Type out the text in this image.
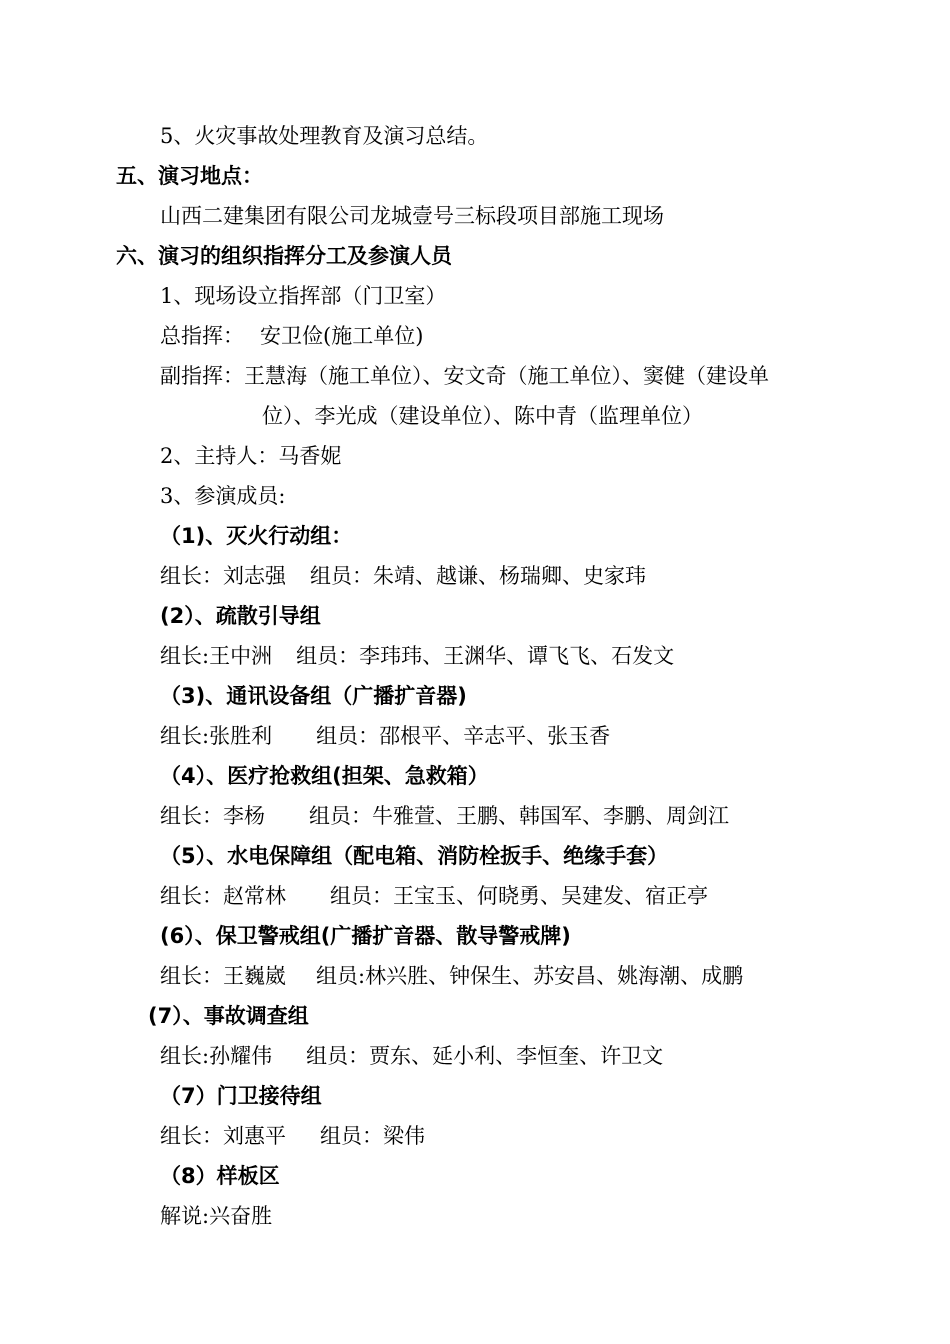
5、火灾事故处理教育及演习总结。
五、演习地点：
山西二建集团有限公司龙城壹号三标段项目部施工现场
六、演习的组织指挥分工及参演人员
1、现场设立指挥部（门卫室）
总指挥： 安卫俭(施工单位)
副指挥：王慧海（施工单位）、安文奇（施工单位）、窦健（建设单
位）、李光成（建设单位）、陈中青（监理单位）
2、主持人：马香妮
3、参演成员:
（1)、灭火行动组：
组长：刘志强 组员：朱靖、越谦、杨瑞卿、史家玮
(2）、疏散引导组
组长:王中洲 组员：李玮玮、王渊华、谭飞飞、石发文
（3)、通讯设备组（广播扩音器)
组长:张胜利 组员：邵根平、辛志平、张玉香
（4）、医疗抢救组(担架、急救箱）
组长：李杨 组员：牛雅萱、王鹏、韩国军、李鹏、周剑江
（5）、水电保障组（配电箱、消防栓扳手、绝缘手套）
组长：赵常林 组员：王宝玉、何晓勇、吴建发、宿正亭
(6）、保卫警戒组(广播扩音器、散导警戒牌)
组长：王巍崴 组员:林兴胜、钟保生、苏安昌、姚海潮、成鹏
(7）、事故调查组
组长:孙耀伟 组员：贾东、延小利、李恒奎、许卫文
（7）门卫接待组
组长：刘惠平 组员：梁伟
（8）样板区
解说:兴奋胜
